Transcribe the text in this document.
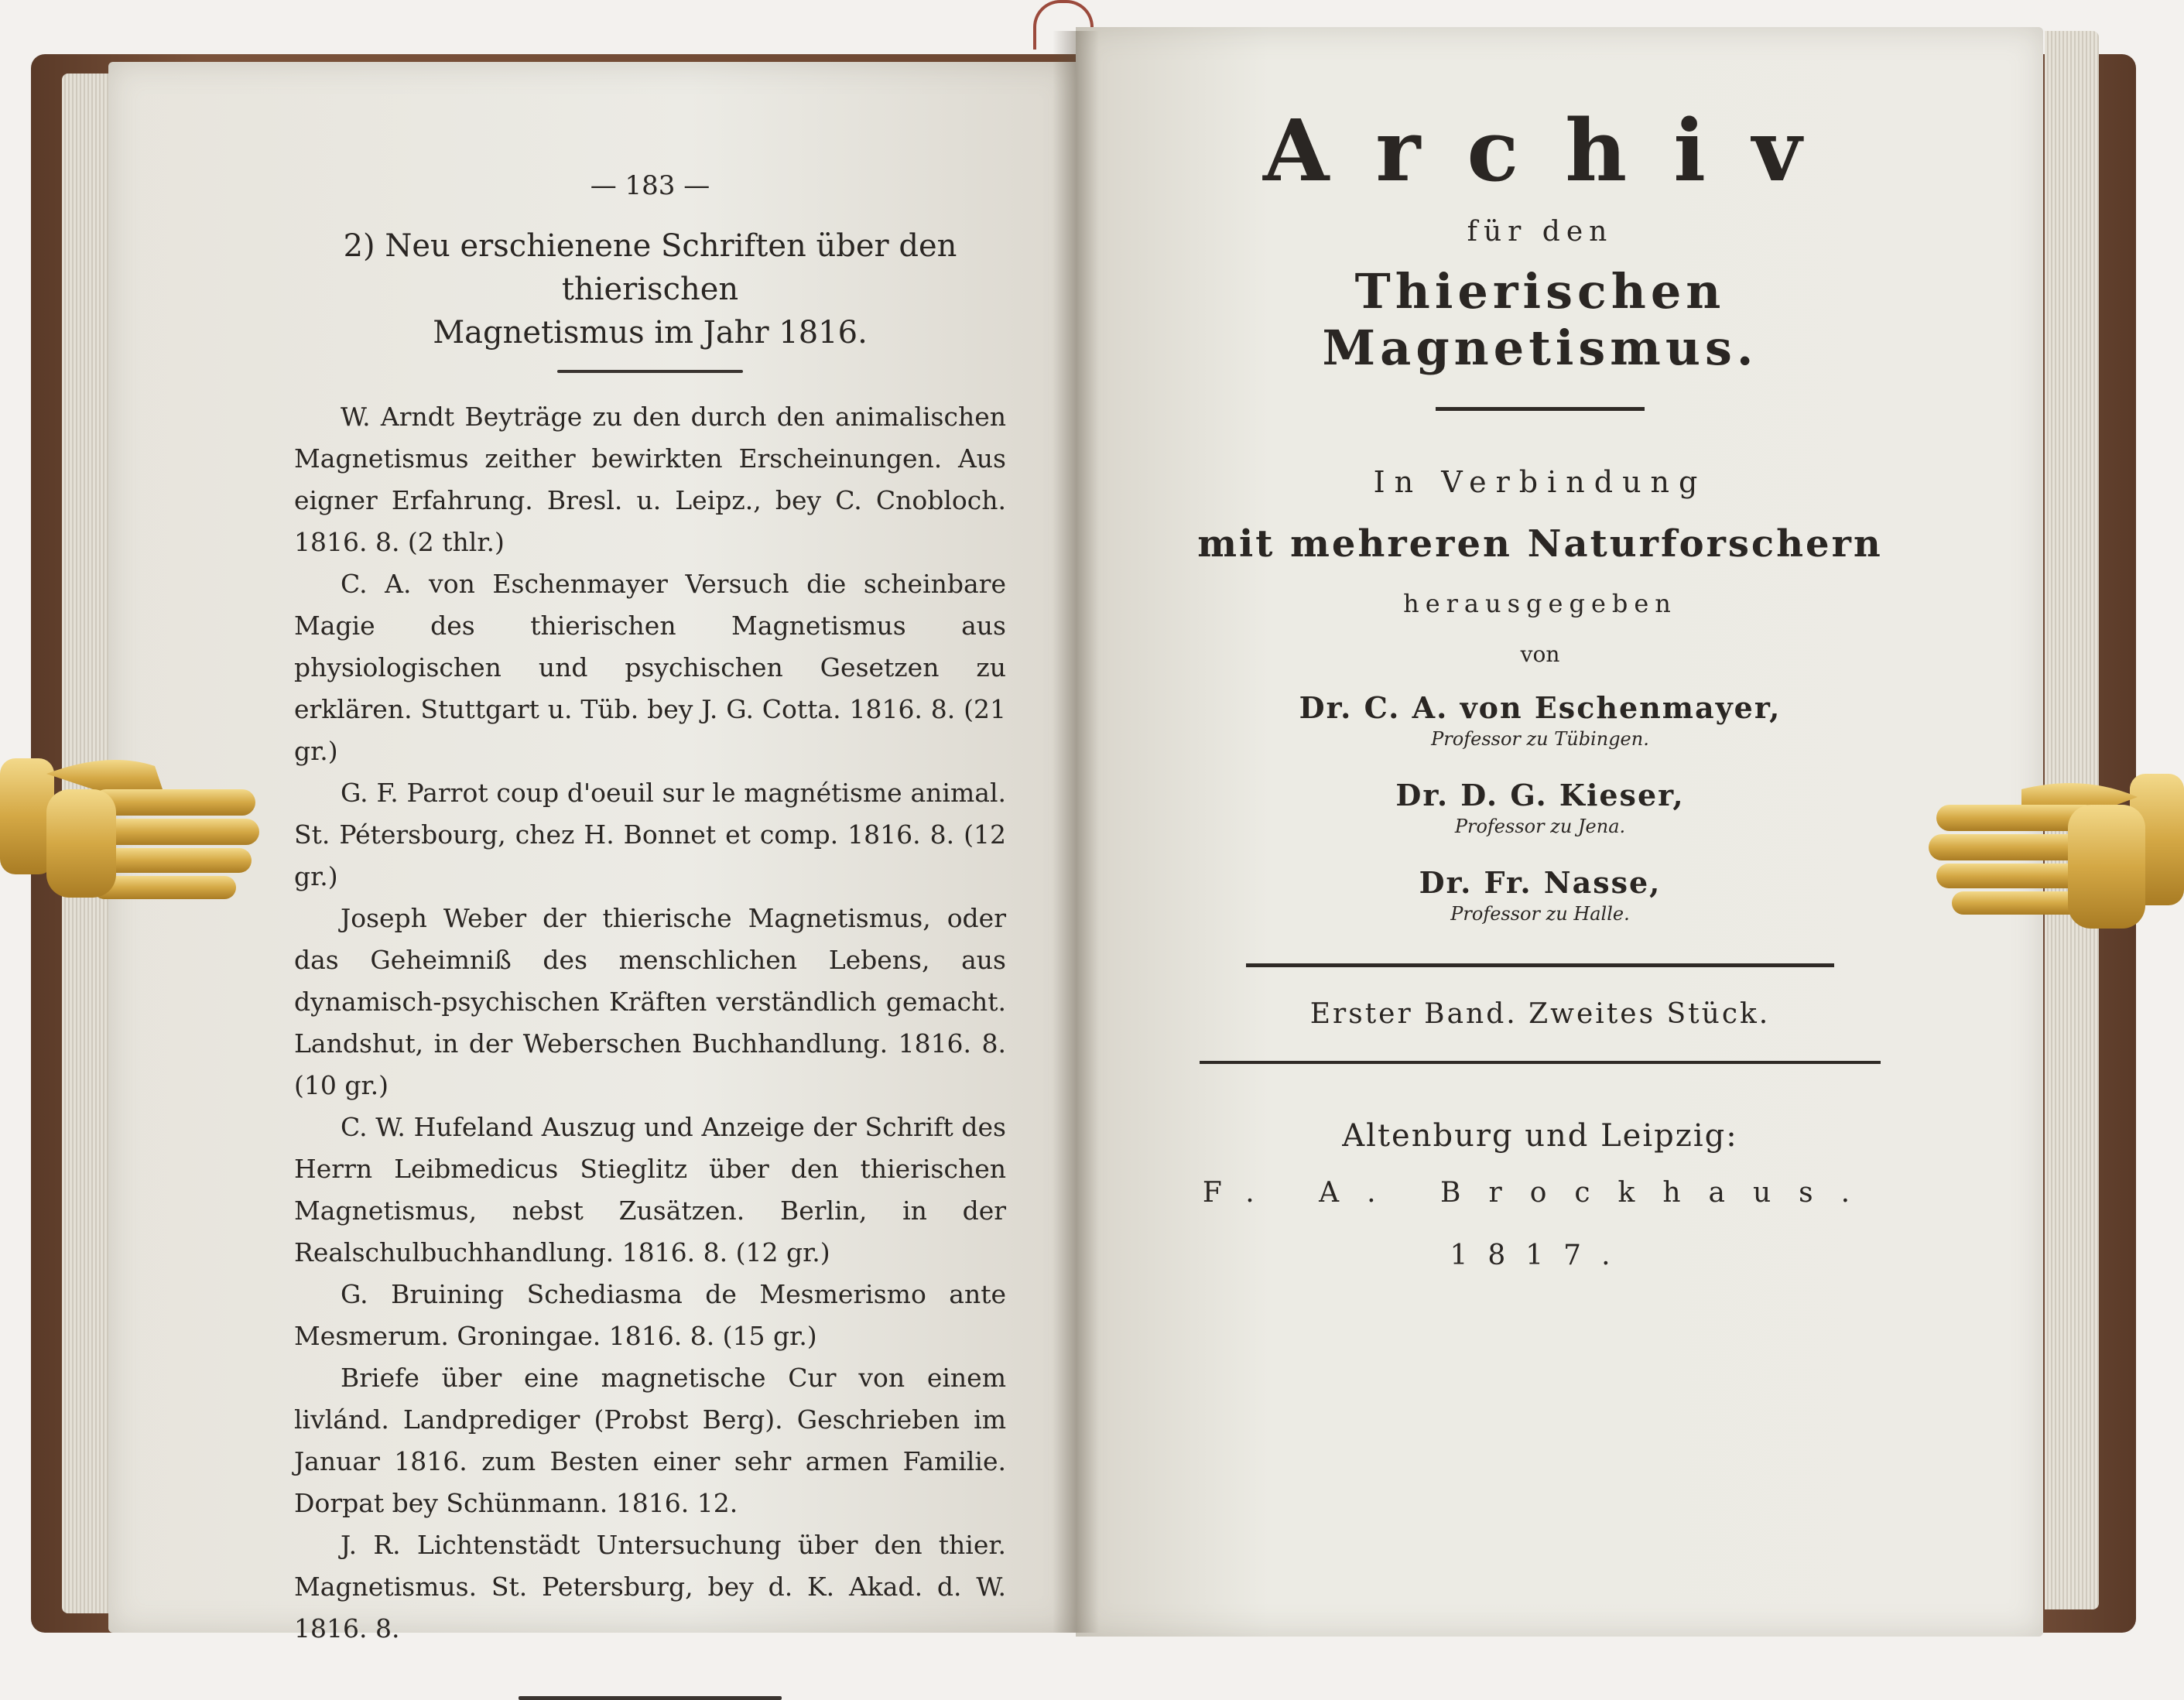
— 183 —
2) Neu erschienene Schriften über den thierischen
Magnetismus im Jahr 1816.

W. Arndt Beyträge zu den durch den animalischen Magnetismus zeither bewirkten Erscheinungen. Aus eigner Erfahrung. Bresl. u. Leipz., bey C. Cnobloch. 1816. 8. (2 thlr.)

C. A. von Eschenmayer Versuch die scheinbare Magie des thierischen Magnetismus aus physiologischen und psychischen Gesetzen zu erklären. Stuttgart u. Tüb. bey J. G. Cotta. 1816. 8. (21 gr.)

G. F. Parrot coup d'oeuil sur le magnétisme animal. St. Pétersbourg, chez H. Bonnet et comp. 1816. 8. (12 gr.)

Joseph Weber der thierische Magnetismus, oder das Geheimniß des menschlichen Lebens, aus dynamisch-psychischen Kräften verständlich gemacht. Landshut, in der Weberschen Buchhandlung. 1816. 8. (10 gr.)

C. W. Hufeland Auszug und Anzeige der Schrift des Herrn Leibmedicus Stieglitz über den thierischen Magnetismus, nebst Zusätzen. Berlin, in der Realschulbuchhandlung. 1816. 8. (12 gr.)

G. Bruining Schediasma de Mesmerismo ante Mesmerum. Groningae. 1816. 8. (15 gr.)

Briefe über eine magnetische Cur von einem livlánd. Landprediger (Probst Berg). Geschrieben im Januar 1816. zum Besten einer sehr armen Familie. Dorpat bey Schünmann. 1816. 12.

J. R. Lichtenstädt Untersuchung über den thier. Magnetismus. St. Petersburg, bey d. K. Akad. d. W. 1816. 8.

Archiv
für den
Thierischen Magnetismus.
In Verbindung
mit mehreren Naturforschern
herausgegeben
von
Dr. C. A. von Eschenmayer,
Professor zu Tübingen.
Dr. D. G. Kieser,
Professor zu Jena.
Dr. Fr. Nasse,
Professor zu Halle.
Erster Band. Zweites Stück.
Altenburg und Leipzig:
F. A. Brockhaus.
1817.
